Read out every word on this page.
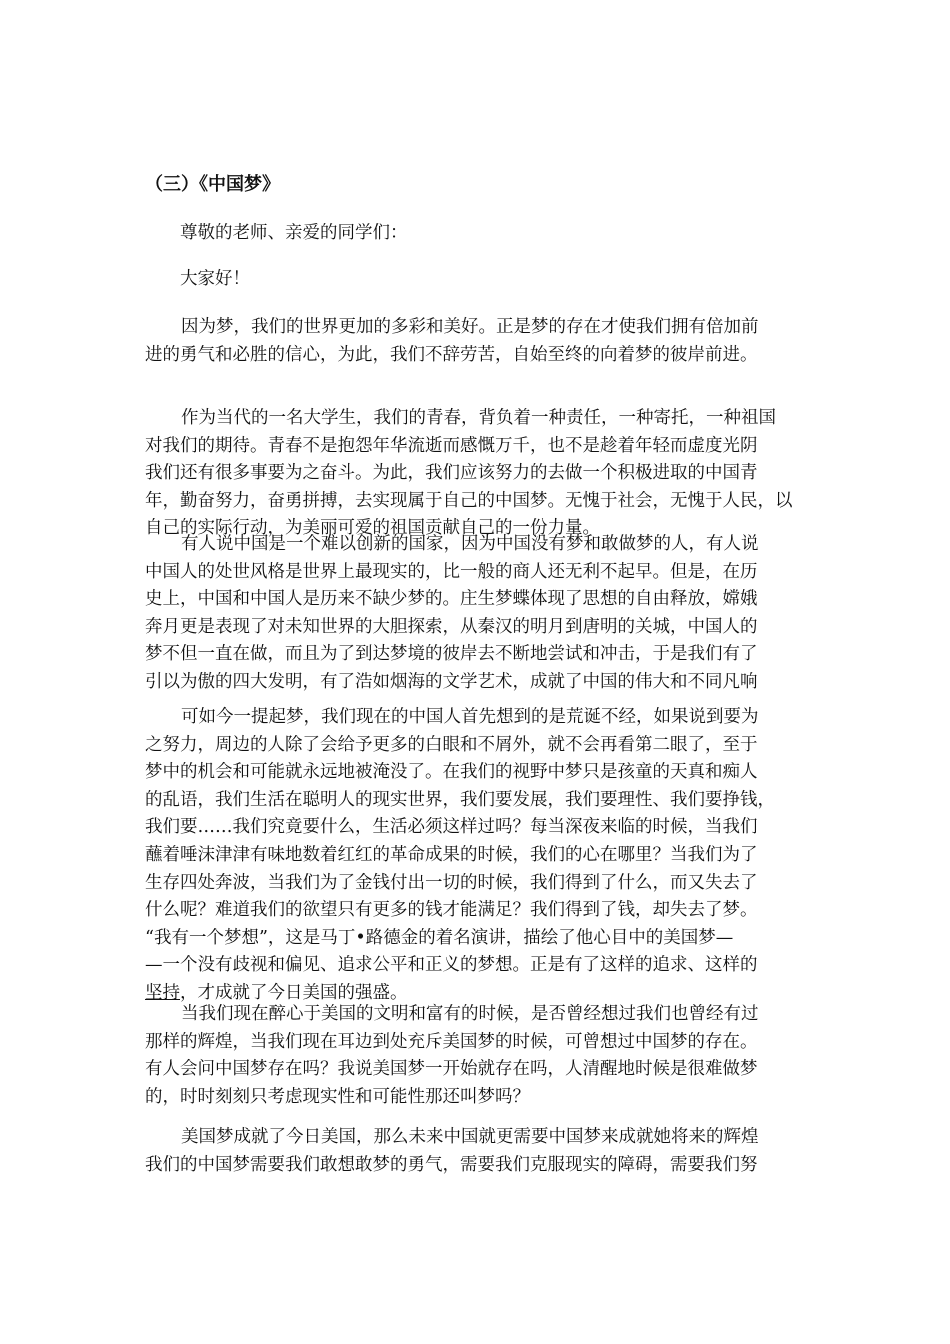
（三）《中国梦》
尊敬的老师、亲爱的同学们：
大家好！
因为梦，我们的世界更加的多彩和美好。正是梦的存在才使我们拥有倍加前
进的勇气和必胜的信心，为此，我们不辞劳苦，自始至终的向着梦的彼岸前进。
作为当代的一名大学生，我们的青春，背负着一种责任，一种寄托，一种祖国
对我们的期待。青春不是抱怨年华流逝而感慨万千，也不是趁着年轻而虚度光阴
我们还有很多事要为之奋斗。为此，我们应该努力的去做一个积极进取的中国青
年，勤奋努力，奋勇拼搏，去实现属于自己的中国梦。无愧于社会，无愧于人民，以
自己的实际行动，为美丽可爱的祖国贡献自己的一份力量。
有人说中国是一个难以创新的国家，因为中国没有梦和敢做梦的人，有人说
中国人的处世风格是世界上最现实的，比一般的商人还无利不起早。但是，在历
史上，中国和中国人是历来不缺少梦的。庄生梦蝶体现了思想的自由释放，嫦娥
奔月更是表现了对未知世界的大胆探索，从秦汉的明月到唐明的关城，中国人的
梦不但一直在做，而且为了到达梦境的彼岸去不断地尝试和冲击，于是我们有了
引以为傲的四大发明，有了浩如烟海的文学艺术，成就了中国的伟大和不同凡响
可如今一提起梦，我们现在的中国人首先想到的是荒诞不经，如果说到要为
之努力，周边的人除了会给予更多的白眼和不屑外，就不会再看第二眼了，至于
梦中的机会和可能就永远地被淹没了。在我们的视野中梦只是孩童的天真和痴人
的乱语，我们生活在聪明人的现实世界，我们要发展，我们要理性、我们要挣钱，
我们要……我们究竟要什么，生活必须这样过吗？每当深夜来临的时候，当我们
蘸着唾沫津津有味地数着红红的革命成果的时候，我们的心在哪里？当我们为了
生存四处奔波，当我们为了金钱付出一切的时候，我们得到了什么，而又失去了
什么呢？难道我们的欲望只有更多的钱才能满足？我们得到了钱，却失去了梦。
“我有一个梦想”，这是马丁•路德金的着名演讲，描绘了他心目中的美国梦—
—一个没有歧视和偏见、追求公平和正义的梦想。正是有了这样的追求、这样的
坚持，才成就了今日美国的强盛。
当我们现在醉心于美国的文明和富有的时候，是否曾经想过我们也曾经有过
那样的辉煌，当我们现在耳边到处充斥美国梦的时候，可曾想过中国梦的存在。
有人会问中国梦存在吗？我说美国梦一开始就存在吗，人清醒地时候是很难做梦
的，时时刻刻只考虑现实性和可能性那还叫梦吗？
美国梦成就了今日美国，那么未来中国就更需要中国梦来成就她将来的辉煌
我们的中国梦需要我们敢想敢梦的勇气，需要我们克服现实的障碍，需要我们努
